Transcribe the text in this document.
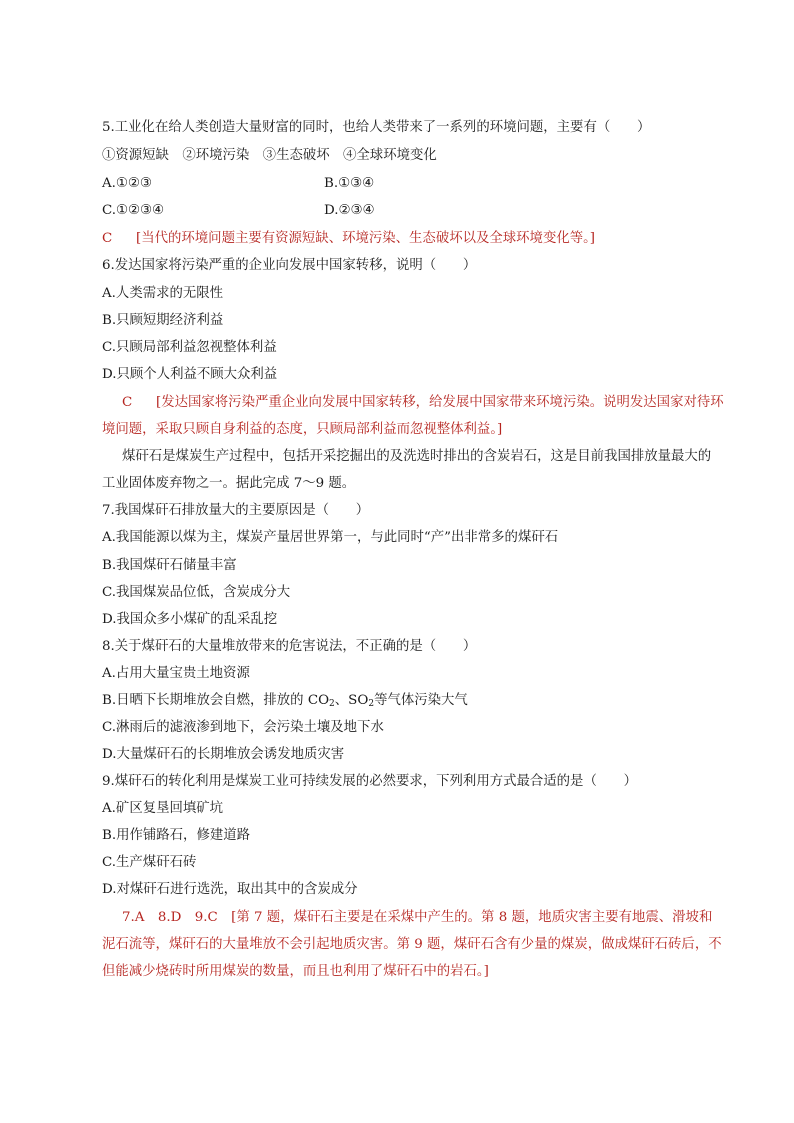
5.工业化在给人类创造大量财富的同时，也给人类带来了一系列的环境问题，主要有（　　）

①资源短缺　②环境污染　③生态破坏　④全球环境变化

A.①②③	B.①③④

C.①②③④	D.②③④

C [当代的环境问题主要有资源短缺、环境污染、生态破坏以及全球环境变化等。]

6.发达国家将污染严重的企业向发展中国家转移，说明（　　）

A.人类需求的无限性

B.只顾短期经济利益

C.只顾局部利益忽视整体利益

D.只顾个人利益不顾大众利益

C [发达国家将污染严重企业向发展中国家转移，给发展中国家带来环境污染。说明发达国家对待环

境问题，采取只顾自身利益的态度，只顾局部利益而忽视整体利益。]

煤矸石是煤炭生产过程中，包括开采挖掘出的及洗选时排出的含炭岩石，这是目前我国排放量最大的

工业固体废弃物之一。据此完成 7～9 题。

7.我国煤矸石排放量大的主要原因是（　　）

A.我国能源以煤为主，煤炭产量居世界第一，与此同时“产”出非常多的煤矸石

B.我国煤矸石储量丰富

C.我国煤炭品位低，含炭成分大

D.我国众多小煤矿的乱采乱挖

8.关于煤矸石的大量堆放带来的危害说法，不正确的是（　　）

A.占用大量宝贵土地资源

B.日晒下长期堆放会自燃，排放的 $CO_2$、$SO_2$等气体污染大气

C.淋雨后的滤液渗到地下，会污染土壤及地下水

D.大量煤矸石的长期堆放会诱发地质灾害

9.煤矸石的转化利用是煤炭工业可持续发展的必然要求，下列利用方式最合适的是（　　）

A.矿区复垦回填矿坑

B.用作铺路石，修建道路

C.生产煤矸石砖

D.对煤矸石进行选洗，取出其中的含炭成分

7.A　8.D　9.C　[第 7 题，煤矸石主要是在采煤中产生的。第 8 题，地质灾害主要有地震、滑坡和

泥石流等，煤矸石的大量堆放不会引起地质灾害。第 9 题，煤矸石含有少量的煤炭，做成煤矸石砖后，不

但能减少烧砖时所用煤炭的数量，而且也利用了煤矸石中的岩石。]
